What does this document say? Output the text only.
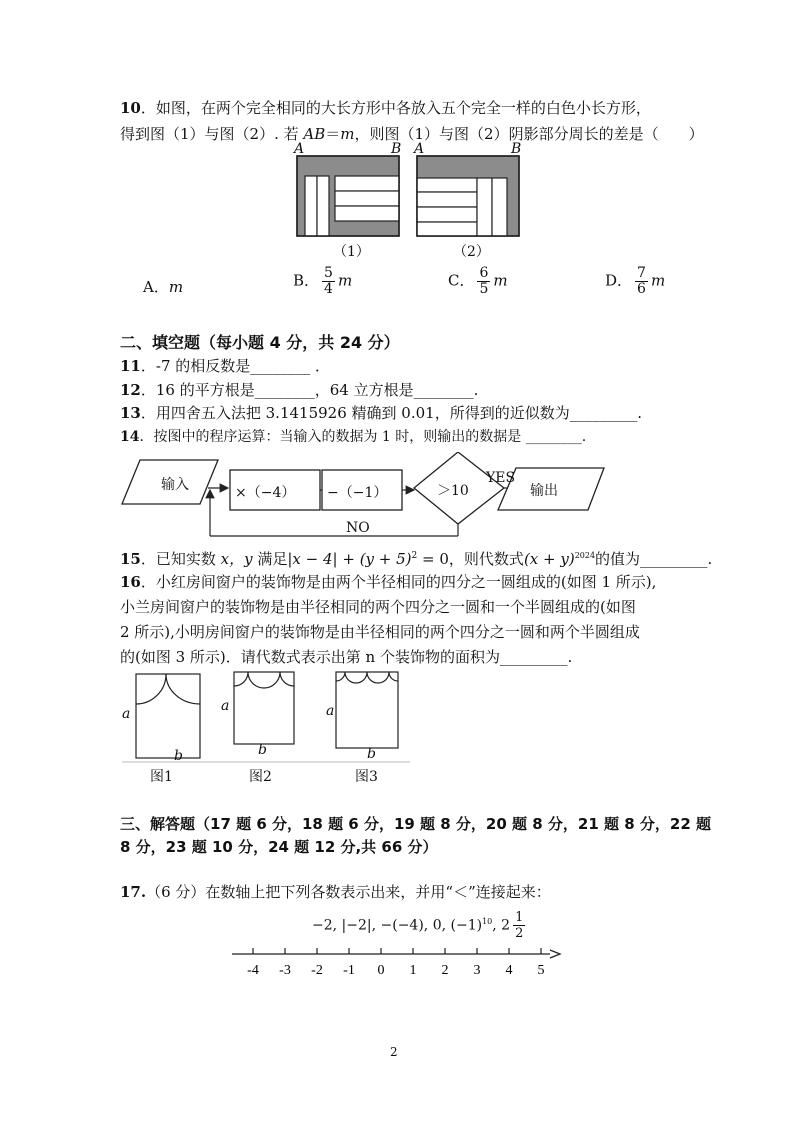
10．如图，在两个完全相同的大长方形中各放入五个完全一样的白色小长方形，
得到图（1）与图（2）. 若 AB＝m，则图（1）与图（2）阴影部分周长的差是（　　）
A	B A	B
（1）	（2）
A．m	B． $\frac{5}{4}$ m	C． $\frac{6}{5}$ m	D． $\frac{7}{6}$ m
二、填空题（每小题 4 分，共 24 分）
11．-7 的相反数是________ ．
12．16 的平方根是________，64 立方根是________.
13．用四舍五入法把 3.1415926 精确到 0.01，所得到的近似数为_________.
14．按图中的程序运算：当输入的数据为 1 时，则输出的数据是 ________.
输入	×（−4） −（−1）	＞10
YES
输出
NO
15．已知实数 x，y 满足$|x - 4| + (y + 5)^2 = 0$，则代数式$(x + y)^{2024}$的值为_________.
16．小红房间窗户的装饰物是由两个半径相同的四分之一圆组成的(如图 1 所示),
小兰房间窗户的装饰物是由半径相同的两个四分之一圆和一个半圆组成的(如图
2 所示),小明房间窗户的装饰物是由半径相同的两个四分之一圆和两个半圆组成
的(如图 3 所示)．请代数式表示出第 n 个装饰物的面积为_________.
a	a	a
b	b	b
图1	图2	图3
三、解答题（17 题 6 分，18 题 6 分，19 题 8 分，20 题 8 分，21 题 8 分，22 题
8 分，23 题 10 分，24 题 12 分,共 66 分）
17.（6 分）在数轴上把下列各数表示出来，并用“＜”连接起来：
−2, |−2|, −(−4), 0, $(-1)^{10}$, $2 \frac{1}{2}$
-4 -3 -2 -1 0 1 2 3 4 5
2
